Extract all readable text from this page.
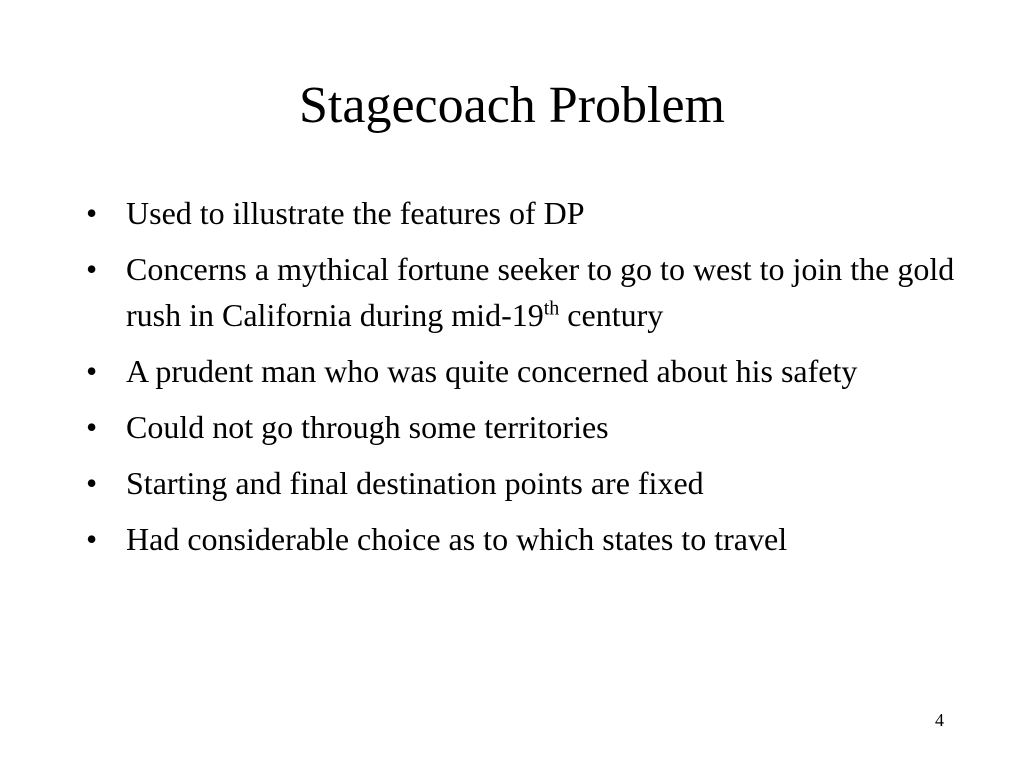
Stagecoach Problem
• Used to illustrate the features of DP
• Concerns a mythical fortune seeker to go to west to join the gold rush in California during mid-19th century
• A prudent man who was quite concerned about his safety
• Could not go through some territories
• Starting and final destination points are fixed
• Had considerable choice as to which states to travel
4
